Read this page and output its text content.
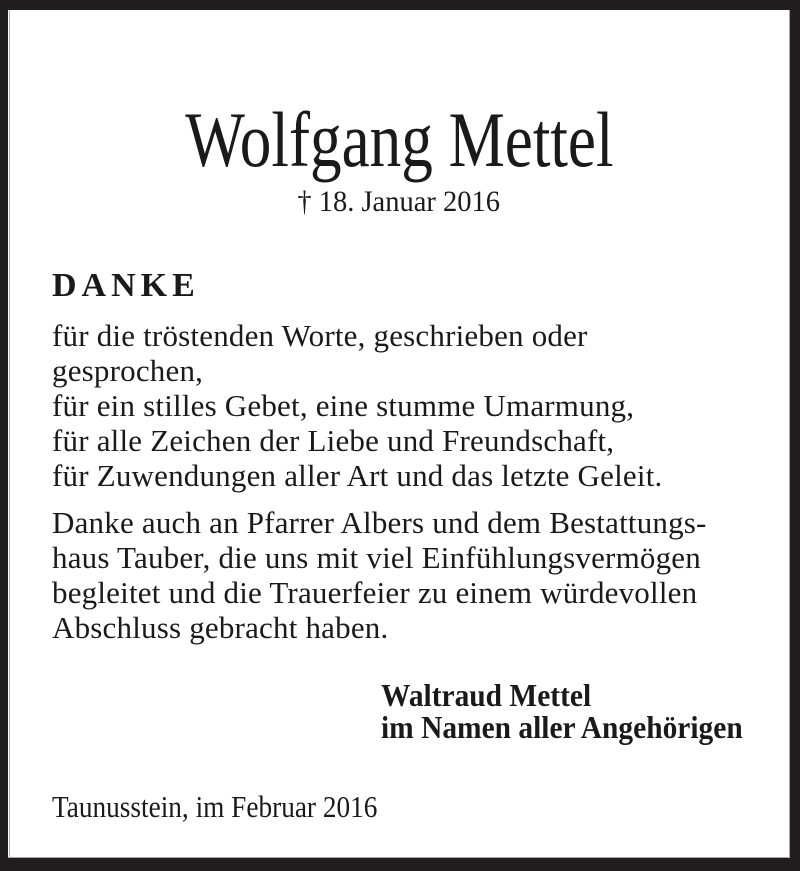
Wolfgang Mettel
† 18. Januar 2016
DANKE
für die tröstenden Worte, geschrieben oder gesprochen,
für ein stilles Gebet, eine stumme Umarmung,
für alle Zeichen der Liebe und Freundschaft,
für Zuwendungen aller Art und das letzte Geleit.
Danke auch an Pfarrer Albers und dem Bestattungs-
haus Tauber, die uns mit viel Einfühlungsvermögen
begleitet und die Trauerfeier zu einem würdevollen
Abschluss gebracht haben.
Waltraud Mettel
im Namen aller Angehörigen
Taunusstein, im Februar 2016
